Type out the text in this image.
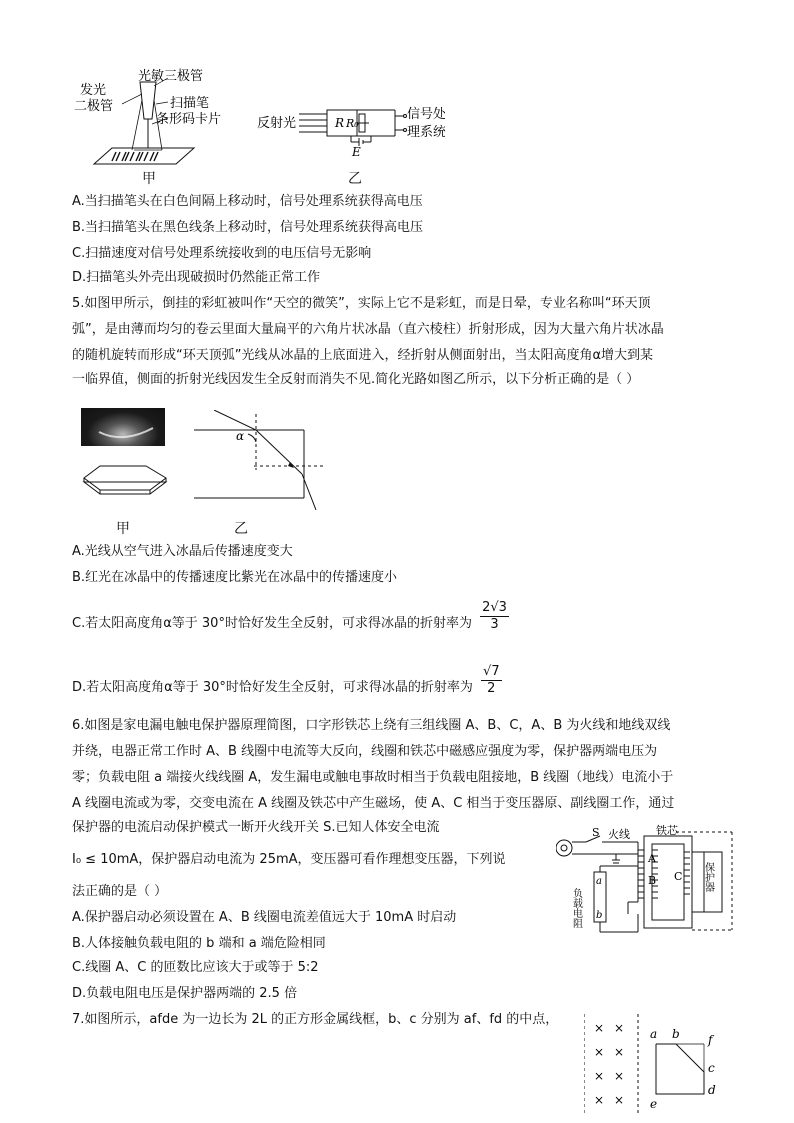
发光
二极管
光敏三极管
扫描笔
条形码卡片	反射光	R R₀
E
信号处
理系统
甲	乙
A.当扫描笔头在白色间隔上移动时，信号处理系统获得高电压
B.当扫描笔头在黑色线条上移动时，信号处理系统获得高电压
C.扫描速度对信号处理系统接收到的电压信号无影响
D.扫描笔头外壳出现破损时仍然能正常工作
5.如图甲所示，倒挂的彩虹被叫作“天空的微笑”，实际上它不是彩虹，而是日晕，专业名称叫“环天顶
弧”，是由薄而均匀的卷云里面大量扁平的六角片状冰晶（直六棱柱）折射形成，因为大量六角片状冰晶
的随机旋转而形成“环天顶弧”光线从冰晶的上底面进入，经折射从侧面射出，当太阳高度角α增大到某
一临界值，侧面的折射光线因发生全反射而消失不见.简化光路如图乙所示，以下分析正确的是（ ）
α
甲	乙
A.光线从空气进入冰晶后传播速度变大
B.红光在冰晶中的传播速度比紫光在冰晶中的传播速度小
C.若太阳高度角α等于 30°时恰好发生全反射，可求得冰晶的折射率为 $\frac{2√3}{3}$
D.若太阳高度角α等于 30°时恰好发生全反射，可求得冰晶的折射率为 $\frac{√7}{2}$
6.如图是家电漏电触电保护器原理简图，口字形铁芯上绕有三组线圈 A、B、C，A、B 为火线和地线双线
并绕，电器正常工作时 A、B 线圈中电流等大反向，线圈和铁芯中磁感应强度为零，保护器两端电压为
零；负载电阻 a 端接火线线圈 A，发生漏电或触电事故时相当于负载电阻接地，B 线圈（地线）电流小于
A 线圈电流或为零，交变电流在 A 线圈及铁芯中产生磁场，使 A、C 相当于变压器原、副线圈工作，通过
保护器的电流启动保护模式一断开火线开关 S.已知人体安全电流
I₀ ≤ 10mA，保护器启动电流为 25mA，变压器可看作理想变压器，下列说
法正确的是（ ）
S 火线 铁芯
A
B C
负载电阻
a
b
保护器
A.保护器启动必须设置在 A、B 线圈电流差值远大于 10mA 时启动
B.人体接触负载电阻的 b 端和 a 端危险相同
C.线圈 A、C 的匝数比应该大于或等于 5:2
D.负载电阻电压是保护器两端的 2.5 倍
7.如图所示，afde 为一边长为 2L 的正方形金属线框，b、c 分别为 af、fd 的中点，
× ×
× ×
× ×
× ×
a b f
c
d
e
